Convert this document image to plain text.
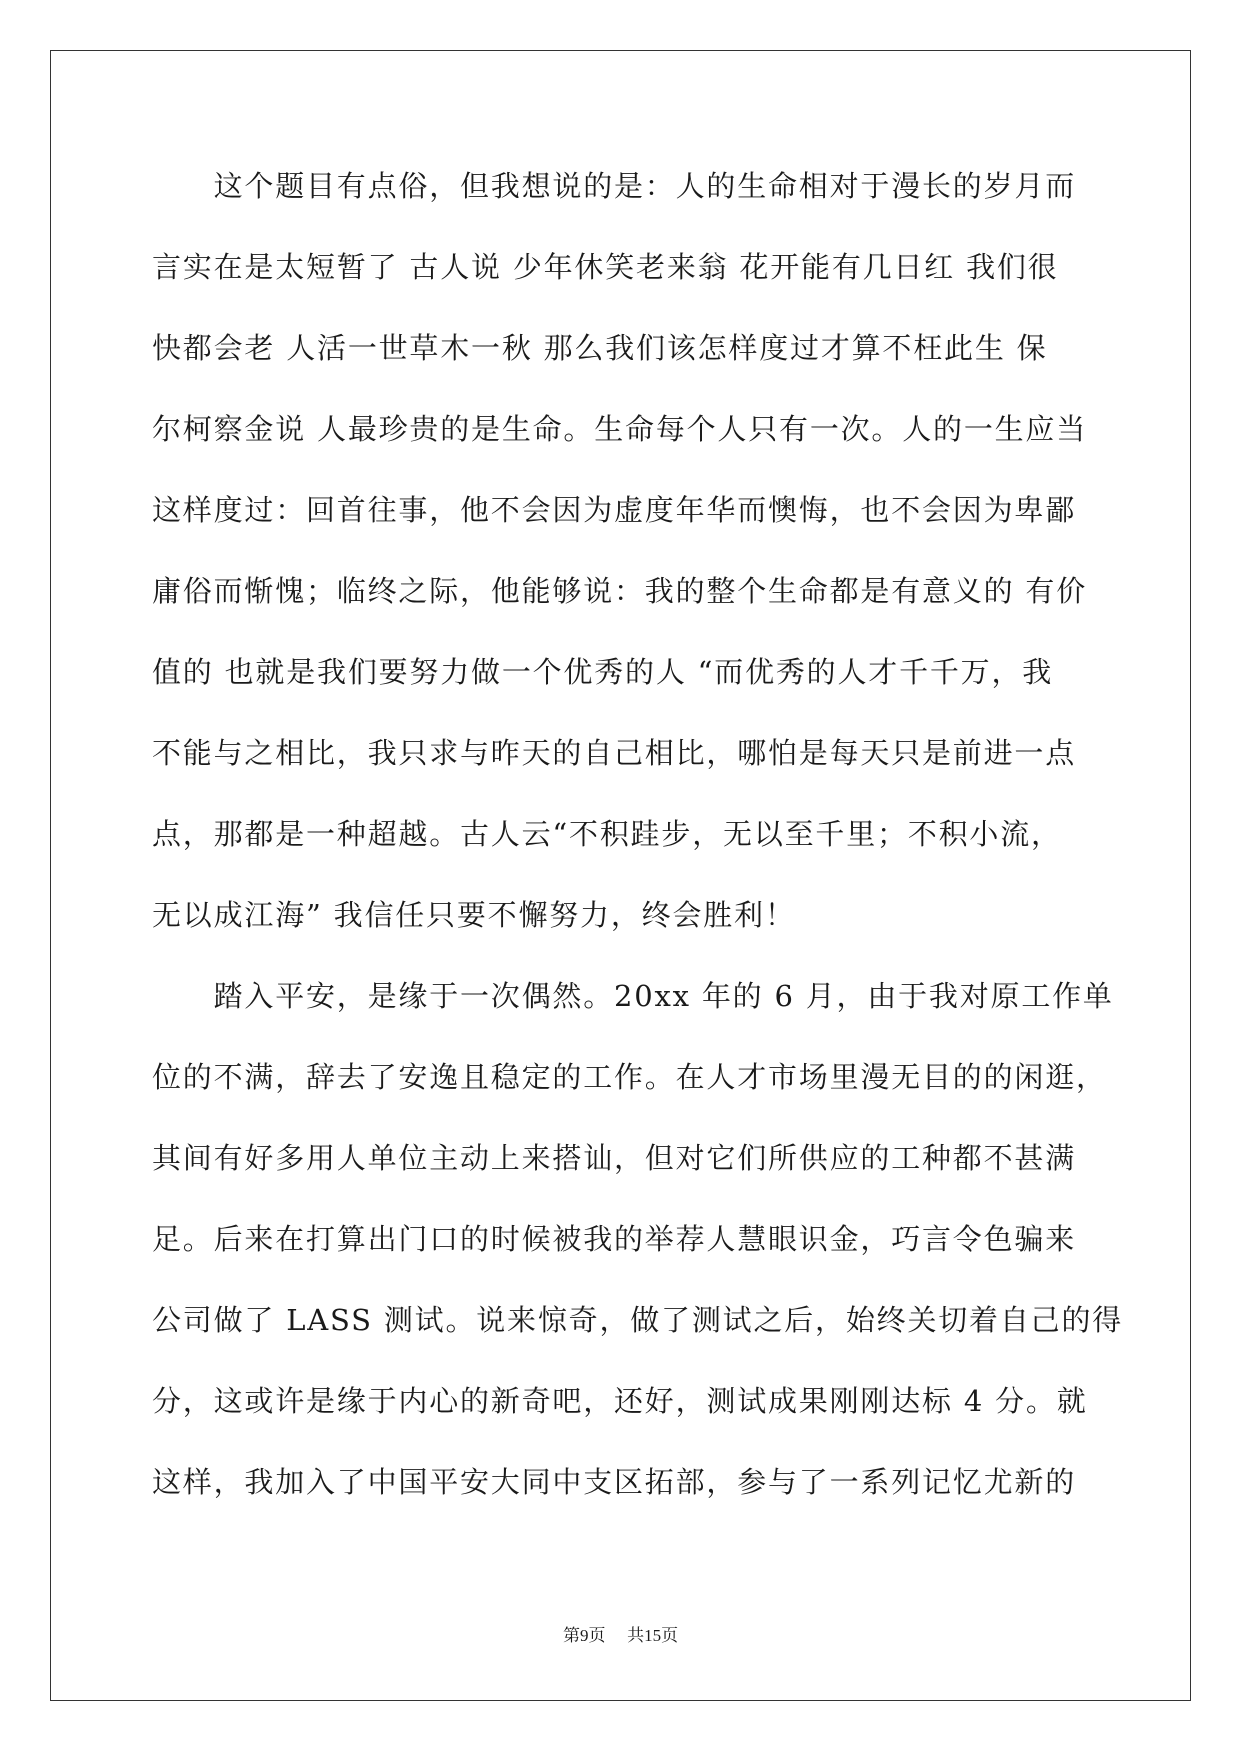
　　这个题目有点俗，但我想说的是：人的生命相对于漫长的岁月而
言实在是太短暂了 古人说 少年休笑老来翁 花开能有几日红 我们很
快都会老 人活一世草木一秋 那么我们该怎样度过才算不枉此生 保
尔柯察金说 人最珍贵的是生命。生命每个人只有一次。人的一生应当
这样度过：回首往事，他不会因为虚度年华而懊悔，也不会因为卑鄙
庸俗而惭愧；临终之际，他能够说：我的整个生命都是有意义的 有价
值的 也就是我们要努力做一个优秀的人 “而优秀的人才千千万，我
不能与之相比，我只求与昨天的自己相比，哪怕是每天只是前进一点
点，那都是一种超越。古人云“不积跬步，无以至千里；不积小流，
无以成江海” 我信任只要不懈努力，终会胜利！
　　踏入平安，是缘于一次偶然。20xx 年的 6 月，由于我对原工作单
位的不满，辞去了安逸且稳定的工作。在人才市场里漫无目的的闲逛，
其间有好多用人单位主动上来搭讪，但对它们所供应的工种都不甚满
足。后来在打算出门口的时候被我的举荐人慧眼识金，巧言令色骗来
公司做了 LASS 测试。说来惊奇，做了测试之后，始终关切着自己的得
分，这或许是缘于内心的新奇吧，还好，测试成果刚刚达标 4 分。就
这样，我加入了中国平安大同中支区拓部，参与了一系列记忆尤新的
第9页 共15页
